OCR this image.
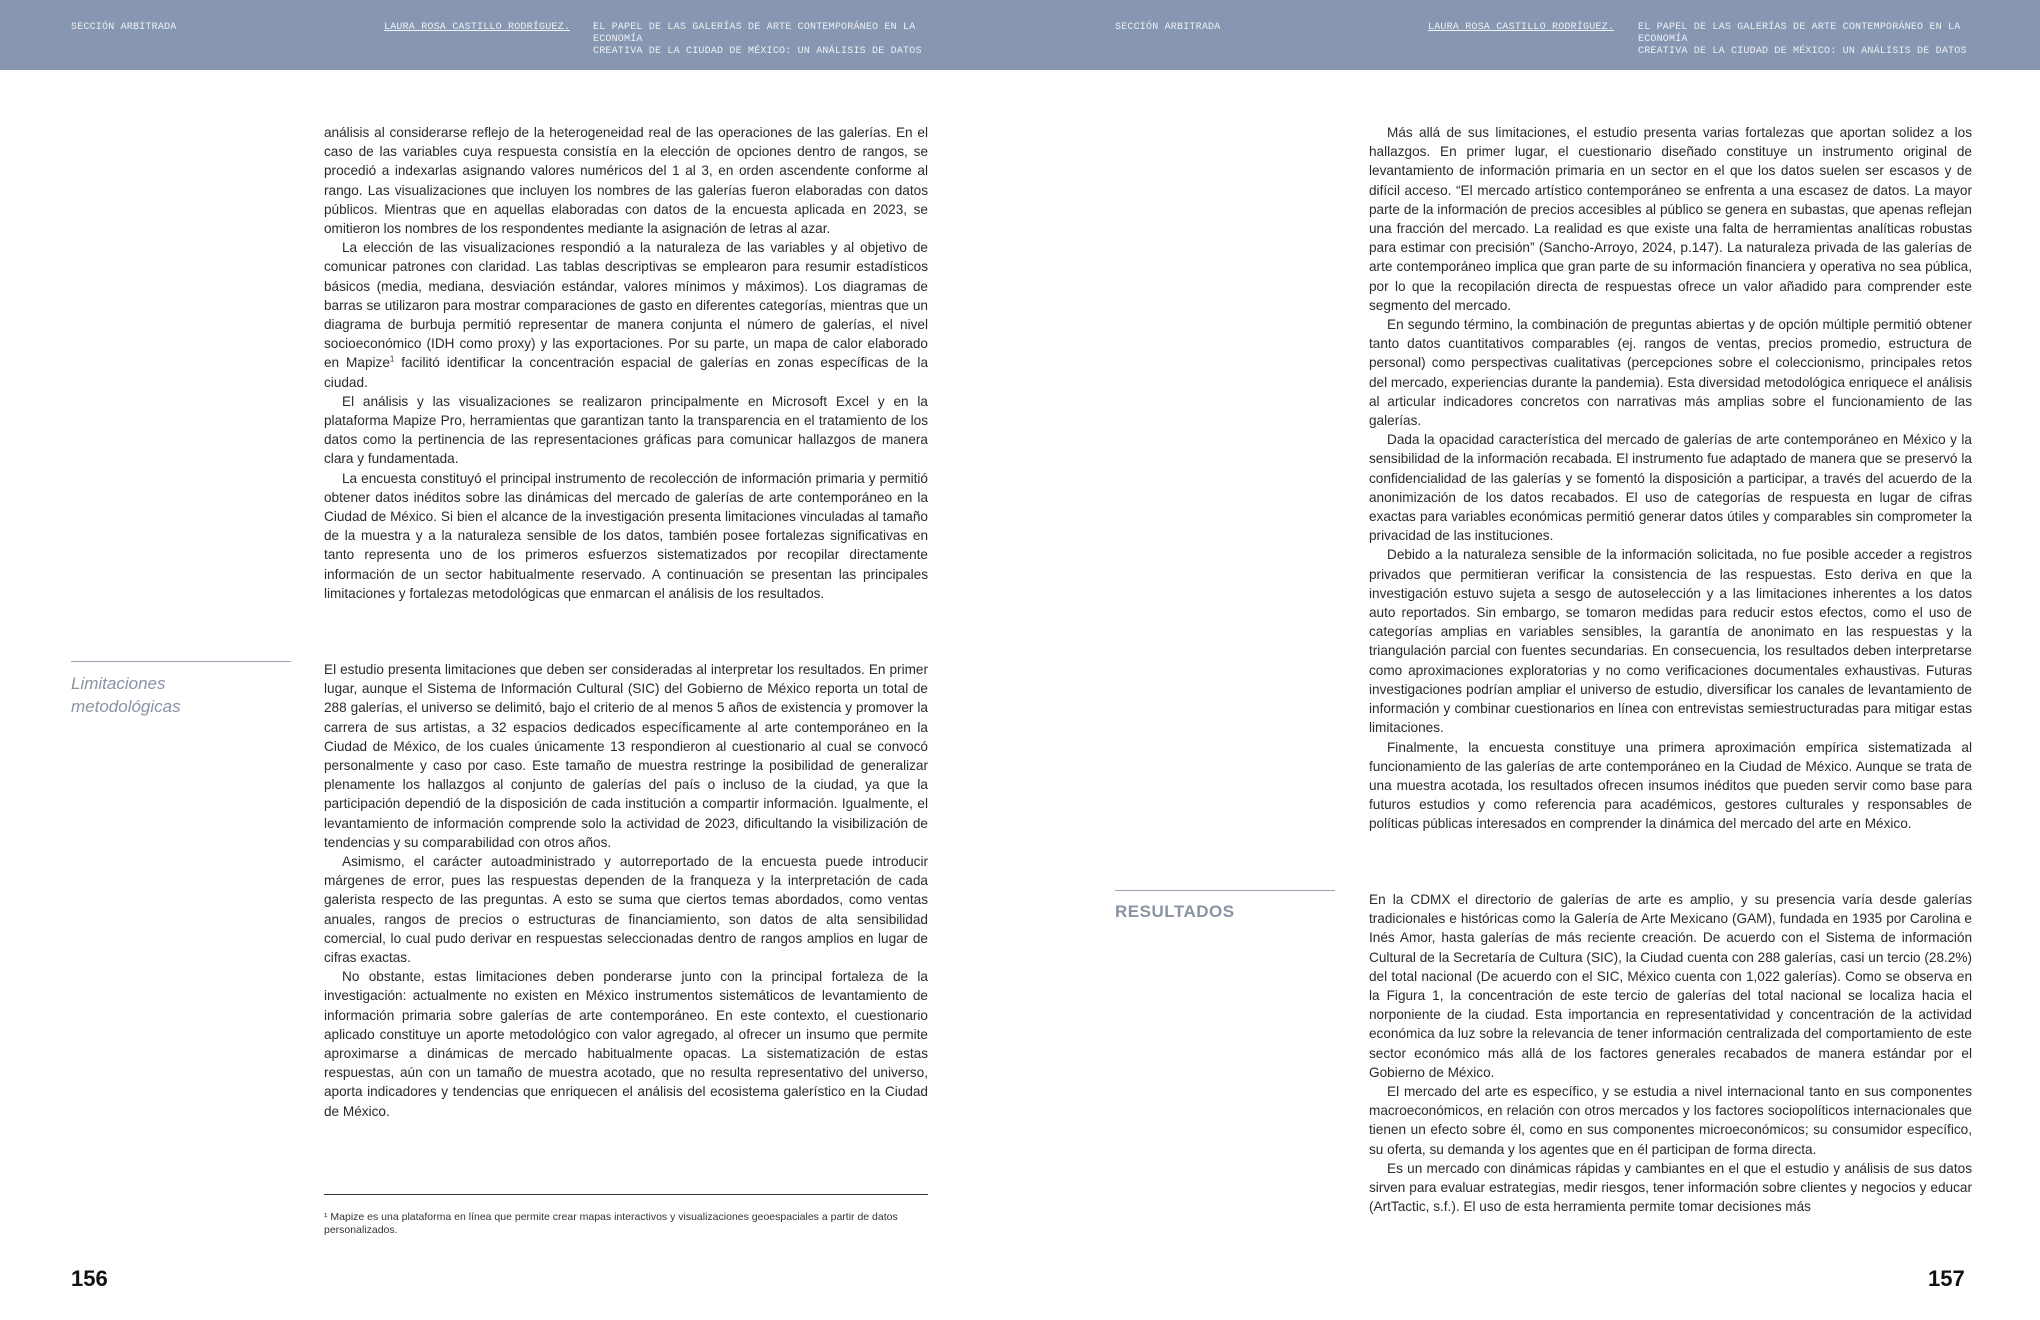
SECCIÓN ARBITRADA	LAURA ROSA CASTILLO RODRÍGUEZ. EL PAPEL DE LAS GALERÍAS DE ARTE CONTEMPORÁNEO EN LA ECONOMÍA
CREATIVA DE LA CIUDAD DE MÉXICO: UN ANÁLISIS DE DATOS
SECCIÓN ARBITRADA	LAURA ROSA CASTILLO RODRÍGUEZ. EL PAPEL DE LAS GALERÍAS DE ARTE CONTEMPORÁNEO EN LA ECONOMÍA
CREATIVA DE LA CIUDAD DE MÉXICO: UN ANÁLISIS DE DATOS

análisis al considerarse reflejo de la heterogeneidad real de las operaciones de las galerías. En el caso de las variables cuya respuesta consistía en la elección de opciones dentro de rangos, se procedió a indexarlas asignando valores numéricos del 1 al 3, en orden ascendente conforme al rango. Las visualizaciones que incluyen los nombres de las galerías fueron elaboradas con datos públicos. Mientras que en aquellas elaboradas con datos de la encuesta aplicada en 2023, se omitieron los nombres de los respondentes mediante la asignación de letras al azar.

La elección de las visualizaciones respondió a la naturaleza de las variables y al objetivo de comunicar patrones con claridad. Las tablas descriptivas se emplearon para resumir estadísticos básicos (media, mediana, desviación estándar, valores mínimos y máximos). Los diagramas de barras se utilizaron para mostrar comparaciones de gasto en diferentes categorías, mientras que un diagrama de burbuja permitió representar de manera conjunta el número de galerías, el nivel socioeconómico (IDH como proxy) y las exportaciones. Por su parte, un mapa de calor elaborado en Mapize$^1$ facilitó identificar la concentración espacial de galerías en zonas específicas de la ciudad.

El análisis y las visualizaciones se realizaron principalmente en Microsoft Excel y en la plataforma Mapize Pro, herramientas que garantizan tanto la transparencia en el tratamiento de los datos como la pertinencia de las representaciones gráficas para comunicar hallazgos de manera clara y fundamentada.

La encuesta constituyó el principal instrumento de recolección de información primaria y permitió obtener datos inéditos sobre las dinámicas del mercado de galerías de arte contemporáneo en la Ciudad de México. Si bien el alcance de la investigación presenta limitaciones vinculadas al tamaño de la muestra y a la naturaleza sensible de los datos, también posee fortalezas significativas en tanto representa uno de los primeros esfuerzos sistematizados por recopilar directamente información de un sector habitualmente reservado. A continuación se presentan las principales limitaciones y fortalezas metodológicas que enmarcan el análisis de los resultados.

Limitaciones
metodológicas

El estudio presenta limitaciones que deben ser consideradas al interpretar los resultados. En primer lugar, aunque el Sistema de Información Cultural (SIC) del Gobierno de México reporta un total de 288 galerías, el universo se delimitó, bajo el criterio de al menos 5 años de existencia y promover la carrera de sus artistas, a 32 espacios dedicados específicamente al arte contemporáneo en la Ciudad de México, de los cuales únicamente 13 respondieron al cuestionario al cual se convocó personalmente y caso por caso. Este tamaño de muestra restringe la posibilidad de generalizar plenamente los hallazgos al conjunto de galerías del país o incluso de la ciudad, ya que la participación dependió de la disposición de cada institución a compartir información. Igualmente, el levantamiento de información comprende solo la actividad de 2023, dificultando la visibilización de tendencias y su comparabilidad con otros años.

Asimismo, el carácter autoadministrado y autorreportado de la encuesta puede introducir márgenes de error, pues las respuestas dependen de la franqueza y la interpretación de cada galerista respecto de las preguntas. A esto se suma que ciertos temas abordados, como ventas anuales, rangos de precios o estructuras de financiamiento, son datos de alta sensibilidad comercial, lo cual pudo derivar en respuestas seleccionadas dentro de rangos amplios en lugar de cifras exactas.

No obstante, estas limitaciones deben ponderarse junto con la principal fortaleza de la investigación: actualmente no existen en México instrumentos sistemáticos de levantamiento de información primaria sobre galerías de arte contemporáneo. En este contexto, el cuestionario aplicado constituye un aporte metodológico con valor agregado, al ofrecer un insumo que permite aproximarse a dinámicas de mercado habitualmente opacas. La sistematización de estas respuestas, aún con un tamaño de muestra acotado, que no resulta representativo del universo, aporta indicadores y tendencias que enriquecen el análisis del ecosistema galerístico en la Ciudad de México.

¹ Mapize es una plataforma en línea que permite crear mapas interactivos y visualizaciones geoespaciales a partir de datos personalizados.
156

Más allá de sus limitaciones, el estudio presenta varias fortalezas que aportan solidez a los hallazgos. En primer lugar, el cuestionario diseñado constituye un instrumento original de levantamiento de información primaria en un sector en el que los datos suelen ser escasos y de difícil acceso. “El mercado artístico contemporáneo se enfrenta a una escasez de datos. La mayor parte de la información de precios accesibles al público se genera en subastas, que apenas reflejan una fracción del mercado. La realidad es que existe una falta de herramientas analíticas robustas para estimar con precisión” (Sancho-Arroyo, 2024, p.147). La naturaleza privada de las galerías de arte contemporáneo implica que gran parte de su información financiera y operativa no sea pública, por lo que la recopilación directa de respuestas ofrece un valor añadido para comprender este segmento del mercado.

En segundo término, la combinación de preguntas abiertas y de opción múltiple permitió obtener tanto datos cuantitativos comparables (ej. rangos de ventas, precios promedio, estructura de personal) como perspectivas cualitativas (percepciones sobre el coleccionismo, principales retos del mercado, experiencias durante la pandemia). Esta diversidad metodológica enriquece el análisis al articular indicadores concretos con narrativas más amplias sobre el funcionamiento de las galerías.

Dada la opacidad característica del mercado de galerías de arte contemporáneo en México y la sensibilidad de la información recabada. El instrumento fue adaptado de manera que se preservó la confidencialidad de las galerías y se fomentó la disposición a participar, a través del acuerdo de la anonimización de los datos recabados. El uso de categorías de respuesta en lugar de cifras exactas para variables económicas permitió generar datos útiles y comparables sin comprometer la privacidad de las instituciones.

Debido a la naturaleza sensible de la información solicitada, no fue posible acceder a registros privados que permitieran verificar la consistencia de las respuestas. Esto deriva en que la investigación estuvo sujeta a sesgo de autoselección y a las limitaciones inherentes a los datos auto reportados. Sin embargo, se tomaron medidas para reducir estos efectos, como el uso de categorías amplias en variables sensibles, la garantía de anonimato en las respuestas y la triangulación parcial con fuentes secundarias. En consecuencia, los resultados deben interpretarse como aproximaciones exploratorias y no como verificaciones documentales exhaustivas. Futuras investigaciones podrían ampliar el universo de estudio, diversificar los canales de levantamiento de información y combinar cuestionarios en línea con entrevistas semiestructuradas para mitigar estas limitaciones.

Finalmente, la encuesta constituye una primera aproximación empírica sistematizada al funcionamiento de las galerías de arte contemporáneo en la Ciudad de México. Aunque se trata de una muestra acotada, los resultados ofrecen insumos inéditos que pueden servir como base para futuros estudios y como referencia para académicos, gestores culturales y responsables de políticas públicas interesados en comprender la dinámica del mercado del arte en México.

RESULTADOS

En la CDMX el directorio de galerías de arte es amplio, y su presencia varía desde galerías tradicionales e históricas como la Galería de Arte Mexicano (GAM), fundada en 1935 por Carolina e Inés Amor, hasta galerías de más reciente creación. De acuerdo con el Sistema de información Cultural de la Secretaría de Cultura (SIC), la Ciudad cuenta con 288 galerías, casi un tercio (28.2%) del total nacional (De acuerdo con el SIC, México cuenta con 1,022 galerías). Como se observa en la Figura 1, la concentración de este tercio de galerías del total nacional se localiza hacia el norponiente de la ciudad. Esta importancia en representatividad y concentración de la actividad económica da luz sobre la relevancia de tener información centralizada del comportamiento de este sector económico más allá de los factores generales recabados de manera estándar por el Gobierno de México.

El mercado del arte es específico, y se estudia a nivel internacional tanto en sus componentes macroeconómicos, en relación con otros mercados y los factores sociopolíticos internacionales que tienen un efecto sobre él, como en sus componentes microeconómicos; su consumidor específico, su oferta, su demanda y los agentes que en él participan de forma directa.

Es un mercado con dinámicas rápidas y cambiantes en el que el estudio y análisis de sus datos sirven para evaluar estrategias, medir riesgos, tener información sobre clientes y negocios y educar (ArtTactic, s.f.). El uso de esta herramienta permite tomar decisiones más

157
